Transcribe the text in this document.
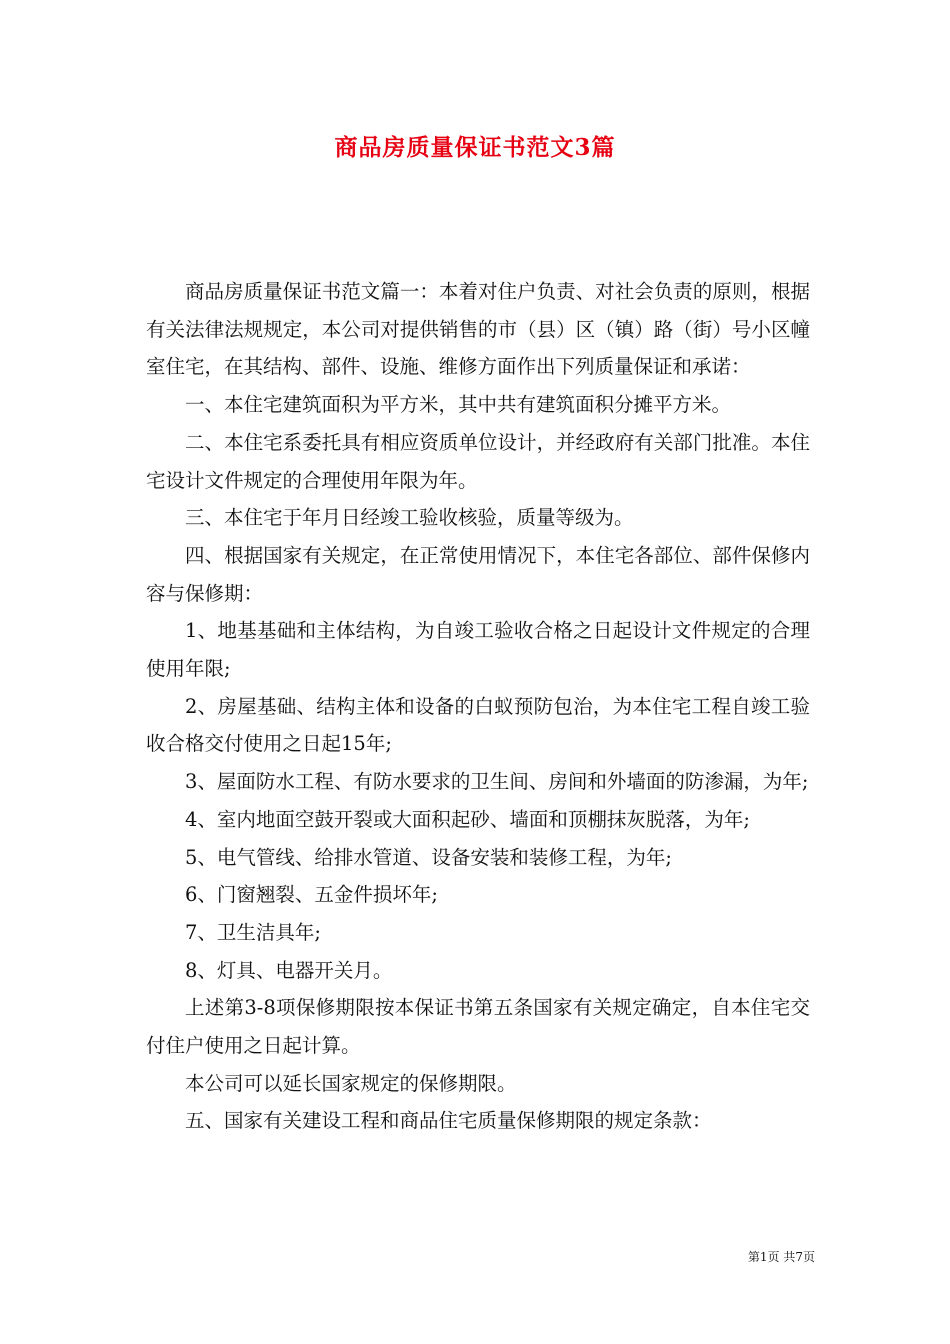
商品房质量保证书范文3篇

商品房质量保证书范文篇一：本着对住户负责、对社会负责的原则，根据有关法律法规规定，本公司对提供销售的市（县）区（镇）路（街）号小区幢室住宅，在其结构、部件、设施、维修方面作出下列质量保证和承诺：

一、本住宅建筑面积为平方米，其中共有建筑面积分摊平方米。

二、本住宅系委托具有相应资质单位设计，并经政府有关部门批准。本住宅设计文件规定的合理使用年限为年。

三、本住宅于年月日经竣工验收核验，质量等级为。

四、根据国家有关规定，在正常使用情况下，本住宅各部位、部件保修内容与保修期：

1、地基基础和主体结构，为自竣工验收合格之日起设计文件规定的合理使用年限;

2、房屋基础、结构主体和设备的白蚁预防包治，为本住宅工程自竣工验收合格交付使用之日起15年;

3、屋面防水工程、有防水要求的卫生间、房间和外墙面的防渗漏，为年;

4、室内地面空鼓开裂或大面积起砂、墙面和顶棚抹灰脱落，为年;

5、电气管线、给排水管道、设备安装和装修工程，为年;

6、门窗翘裂、五金件损坏年;

7、卫生洁具年;

8、灯具、电器开关月。

上述第3-8项保修期限按本保证书第五条国家有关规定确定，自本住宅交付住户使用之日起计算。

本公司可以延长国家规定的保修期限。

五、国家有关建设工程和商品住宅质量保修期限的规定条款：

第1页 共7页
